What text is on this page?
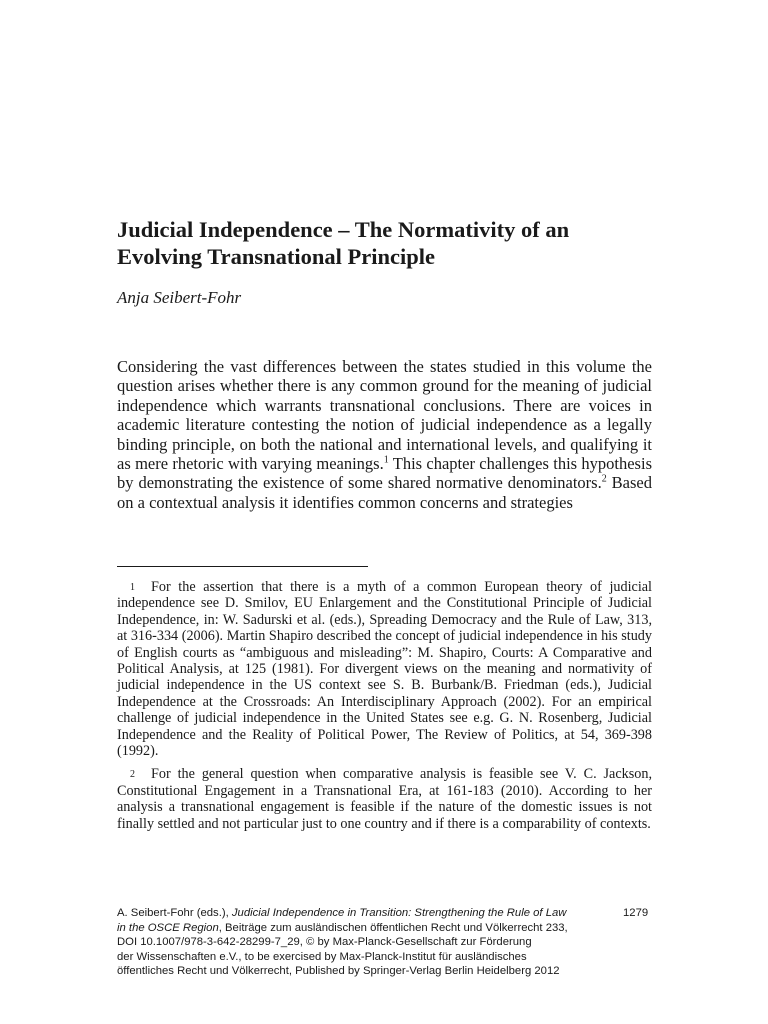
Judicial Independence – The Normativity of an Evolving Transnational Principle

Anja Seibert-Fohr

Considering the vast differences between the states studied in this volume the question arises whether there is any common ground for the meaning of judicial independence which warrants transnational conclusions. There are voices in academic literature contesting the notion of judicial independence as a legally binding principle, on both the national and international levels, and qualifying it as mere rhetoric with varying meanings.$^1$ This chapter challenges this hypothesis by demonstrating the existence of some shared normative denominators.$^2$ Based on a contextual analysis it identifies common concerns and strategies

$^1$ For the assertion that there is a myth of a common European theory of judicial independence see D. Smilov, EU Enlargement and the Constitutional Principle of Judicial Independence, in: W. Sadurski et al. (eds.), Spreading Democracy and the Rule of Law, 313, at 316-334 (2006). Martin Shapiro described the concept of judicial independence in his study of English courts as “ambiguous and misleading”: M. Shapiro, Courts: A Comparative and Political Analysis, at 125 (1981). For divergent views on the meaning and normativity of judicial independence in the US context see S. B. Burbank/B. Friedman (eds.), Judicial Independence at the Crossroads: An Interdisciplinary Approach (2002). For an empirical challenge of judicial independence in the United States see e.g. G. N. Rosenberg, Judicial Independence and the Reality of Political Power, The Review of Politics, at 54, 369-398 (1992).

$^2$ For the general question when comparative analysis is feasible see V. C. Jackson, Constitutional Engagement in a Transnational Era, at 161-183 (2010). According to her analysis a transnational engagement is feasible if the nature of the domestic issues is not finally settled and not particular just to one country and if there is a comparability of contexts.

A. Seibert-Fohr (eds.), Judicial Independence in Transition: Strengthening the Rule of Law
in the OSCE Region, Beiträge zum ausländischen öffentlichen Recht und Völkerrecht 233,
DOI 10.1007/978-3-642-28299-7_29, © by Max-Planck-Gesellschaft zur Förderung
der Wissenschaften e.V., to be exercised by Max-Planck-Institut für ausländisches
öffentliches Recht und Völkerrecht, Published by Springer-Verlag Berlin Heidelberg 2012
1279
